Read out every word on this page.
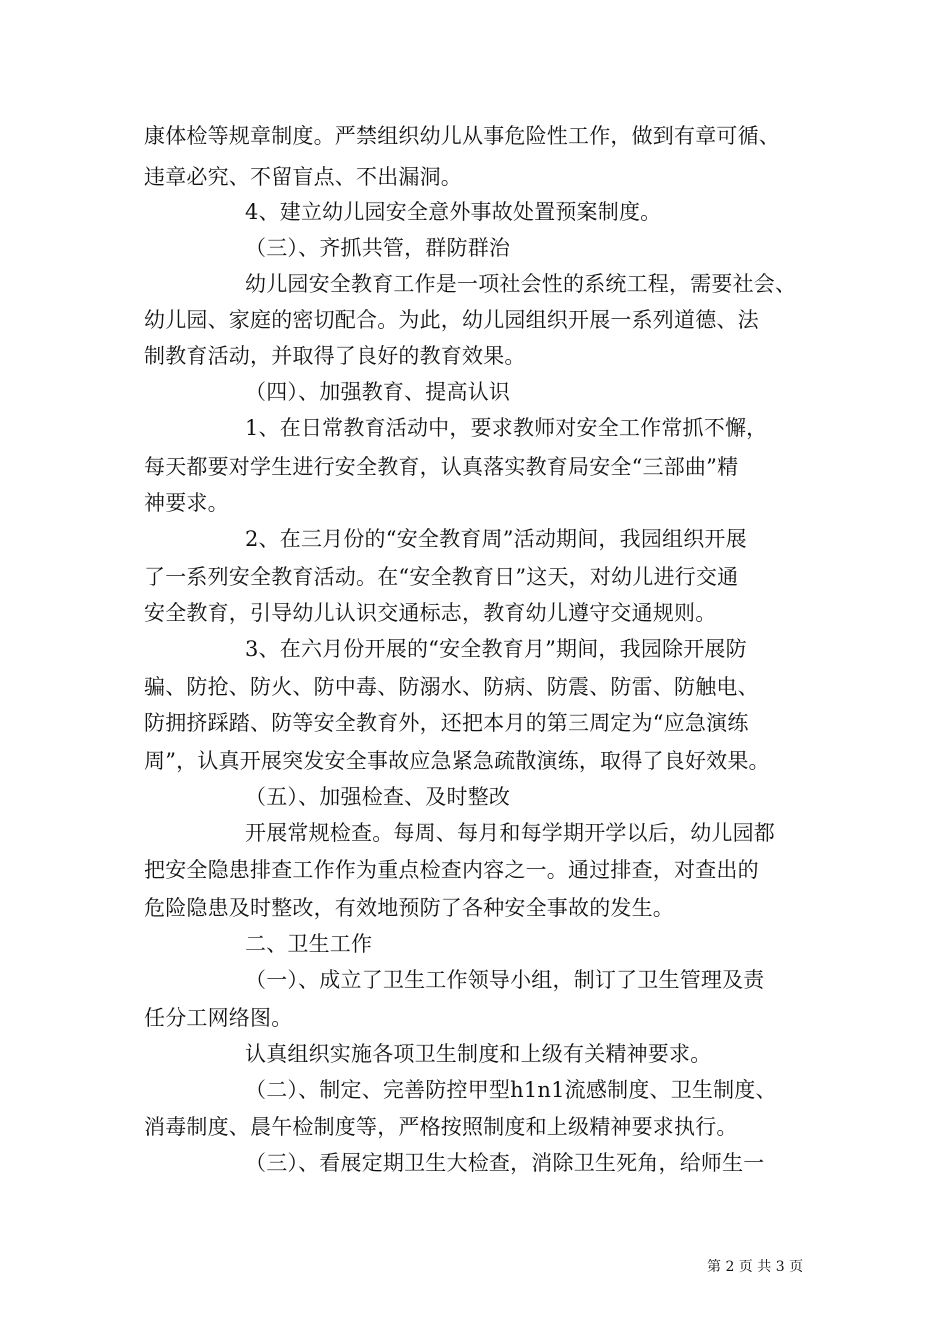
康体检等规章制度。严禁组织幼儿从事危险性工作，做到有章可循、
违章必究、不留盲点、不出漏洞。
4、建立幼儿园安全意外事故处置预案制度。
（三）、齐抓共管，群防群治
幼儿园安全教育工作是一项社会性的系统工程，需要社会、
幼儿园、家庭的密切配合。为此，幼儿园组织开展一系列道德、法
制教育活动，并取得了良好的教育效果。
（四）、加强教育、提高认识
1、在日常教育活动中，要求教师对安全工作常抓不懈，
每天都要对学生进行安全教育，认真落实教育局安全“三部曲”精
神要求。
2、在三月份的“安全教育周”活动期间，我园组织开展
了一系列安全教育活动。在“安全教育日”这天，对幼儿进行交通
安全教育，引导幼儿认识交通标志，教育幼儿遵守交通规则。
3、在六月份开展的“安全教育月”期间，我园除开展防
骗、防抢、防火、防中毒、防溺水、防病、防震、防雷、防触电、
防拥挤踩踏、防等安全教育外，还把本月的第三周定为“应急演练
周”，认真开展突发安全事故应急紧急疏散演练，取得了良好效果。
（五）、加强检查、及时整改
开展常规检查。每周、每月和每学期开学以后，幼儿园都
把安全隐患排查工作作为重点检查内容之一。通过排查，对查出的
危险隐患及时整改，有效地预防了各种安全事故的发生。
二、卫生工作
（一）、成立了卫生工作领导小组，制订了卫生管理及责
任分工网络图。
认真组织实施各项卫生制度和上级有关精神要求。
（二）、制定、完善防控甲型h1n1流感制度、卫生制度、
消毒制度、晨午检制度等，严格按照制度和上级精神要求执行。
（三）、看展定期卫生大检查，消除卫生死角，给师生一
第 2 页 共 3 页
